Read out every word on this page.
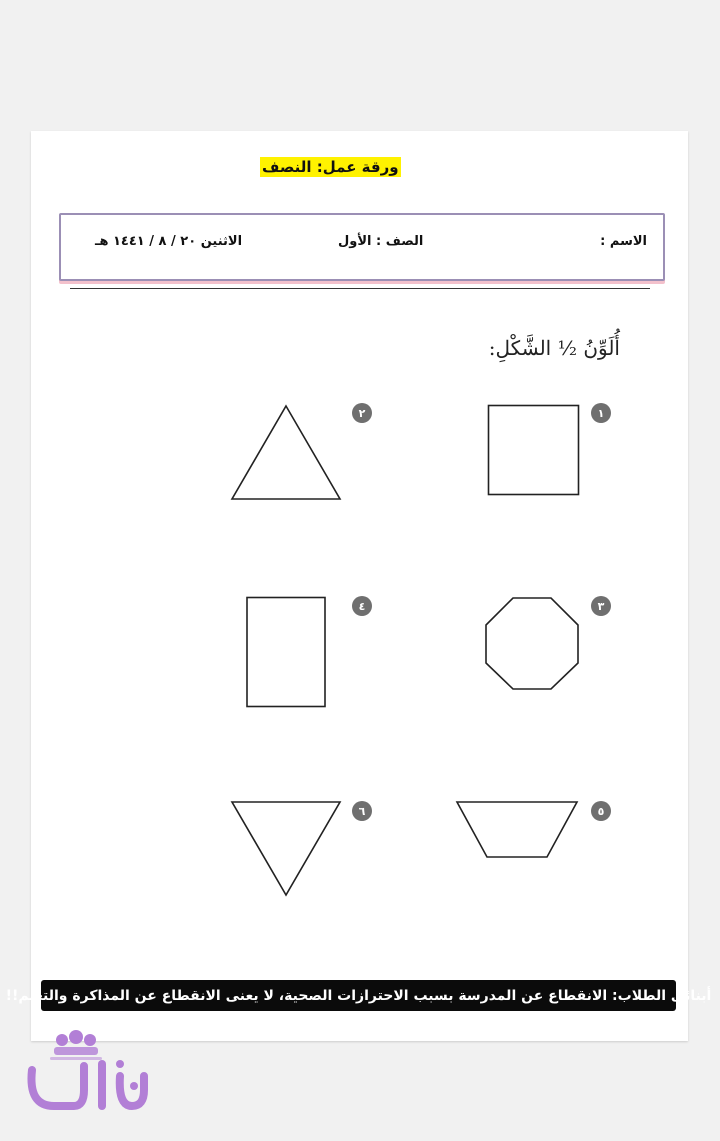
ورقة عمل: النصف
الاسم :
الصف : الأول
الاثنين ٢٠ / ٨ / ١٤٤١ هـ
أُلَوِّنُ ½ الشَّكْلِ:
١
٢
٣
٤
٥
٦
أبنائى الطلاب: الانقطاع عن المدرسة بسبب الاحترازات الصحية، لا يعنى الانقطاع عن المذاكرة والتعلم!!
